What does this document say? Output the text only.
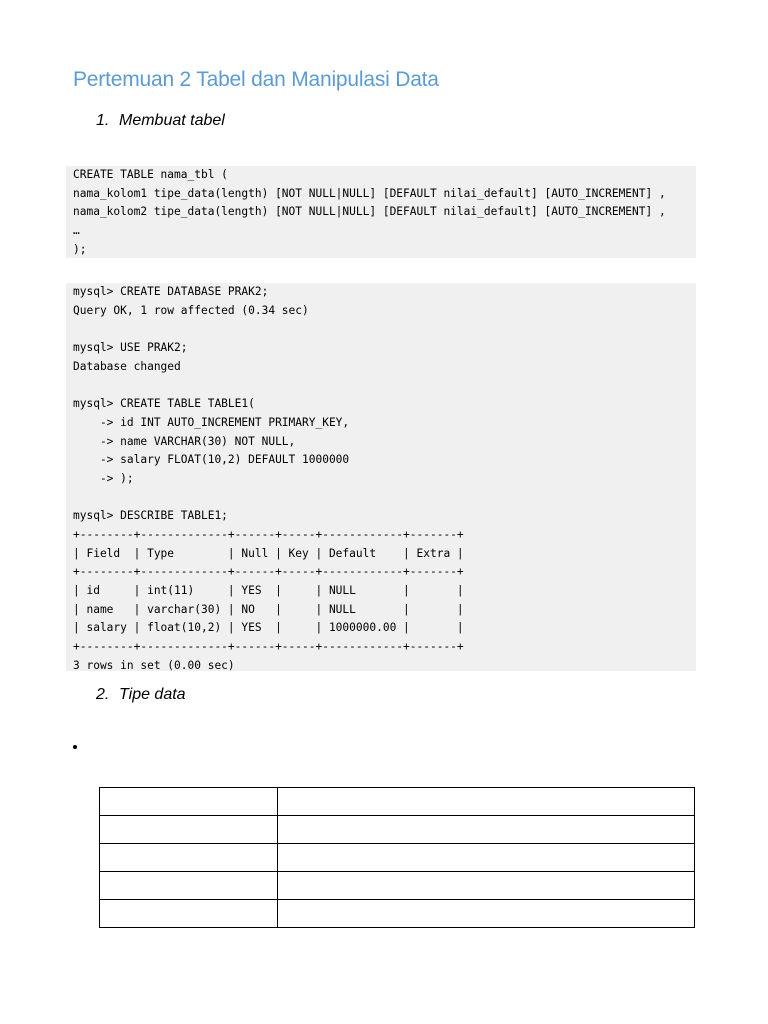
Pertemuan 2 Tabel dan Manipulasi Data
1. Membuat tabel
CREATE TABLE nama_tbl (
nama_kolom1 tipe_data(length) [NOT NULL|NULL] [DEFAULT nilai_default] [AUTO_INCREMENT] ,
nama_kolom2 tipe_data(length) [NOT NULL|NULL] [DEFAULT nilai_default] [AUTO_INCREMENT] ,
…
);
mysql> CREATE DATABASE PRAK2;
Query OK, 1 row affected (0.34 sec)
mysql> USE PRAK2;
Database changed
mysql> CREATE TABLE TABLE1(
-> id INT AUTO_INCREMENT PRIMARY_KEY,
-> name VARCHAR(30) NOT NULL,
-> salary FLOAT(10,2) DEFAULT 1000000
-> );
mysql> DESCRIBE TABLE1;
+--------+-------------+------+-----+------------+-------+
| Field  | Type        | Null | Key | Default    | Extra |
+--------+-------------+------+-----+------------+-------+
| id     | int(11)     | YES  |     | NULL       |       |
| name   | varchar(30) | NO   |     | NULL       |       |
| salary | float(10,2) | YES  |     | 1000000.00 |       |
+--------+-------------+------+-----+------------+-------+
3 rows in set (0.00 sec)
2. Tipe data
